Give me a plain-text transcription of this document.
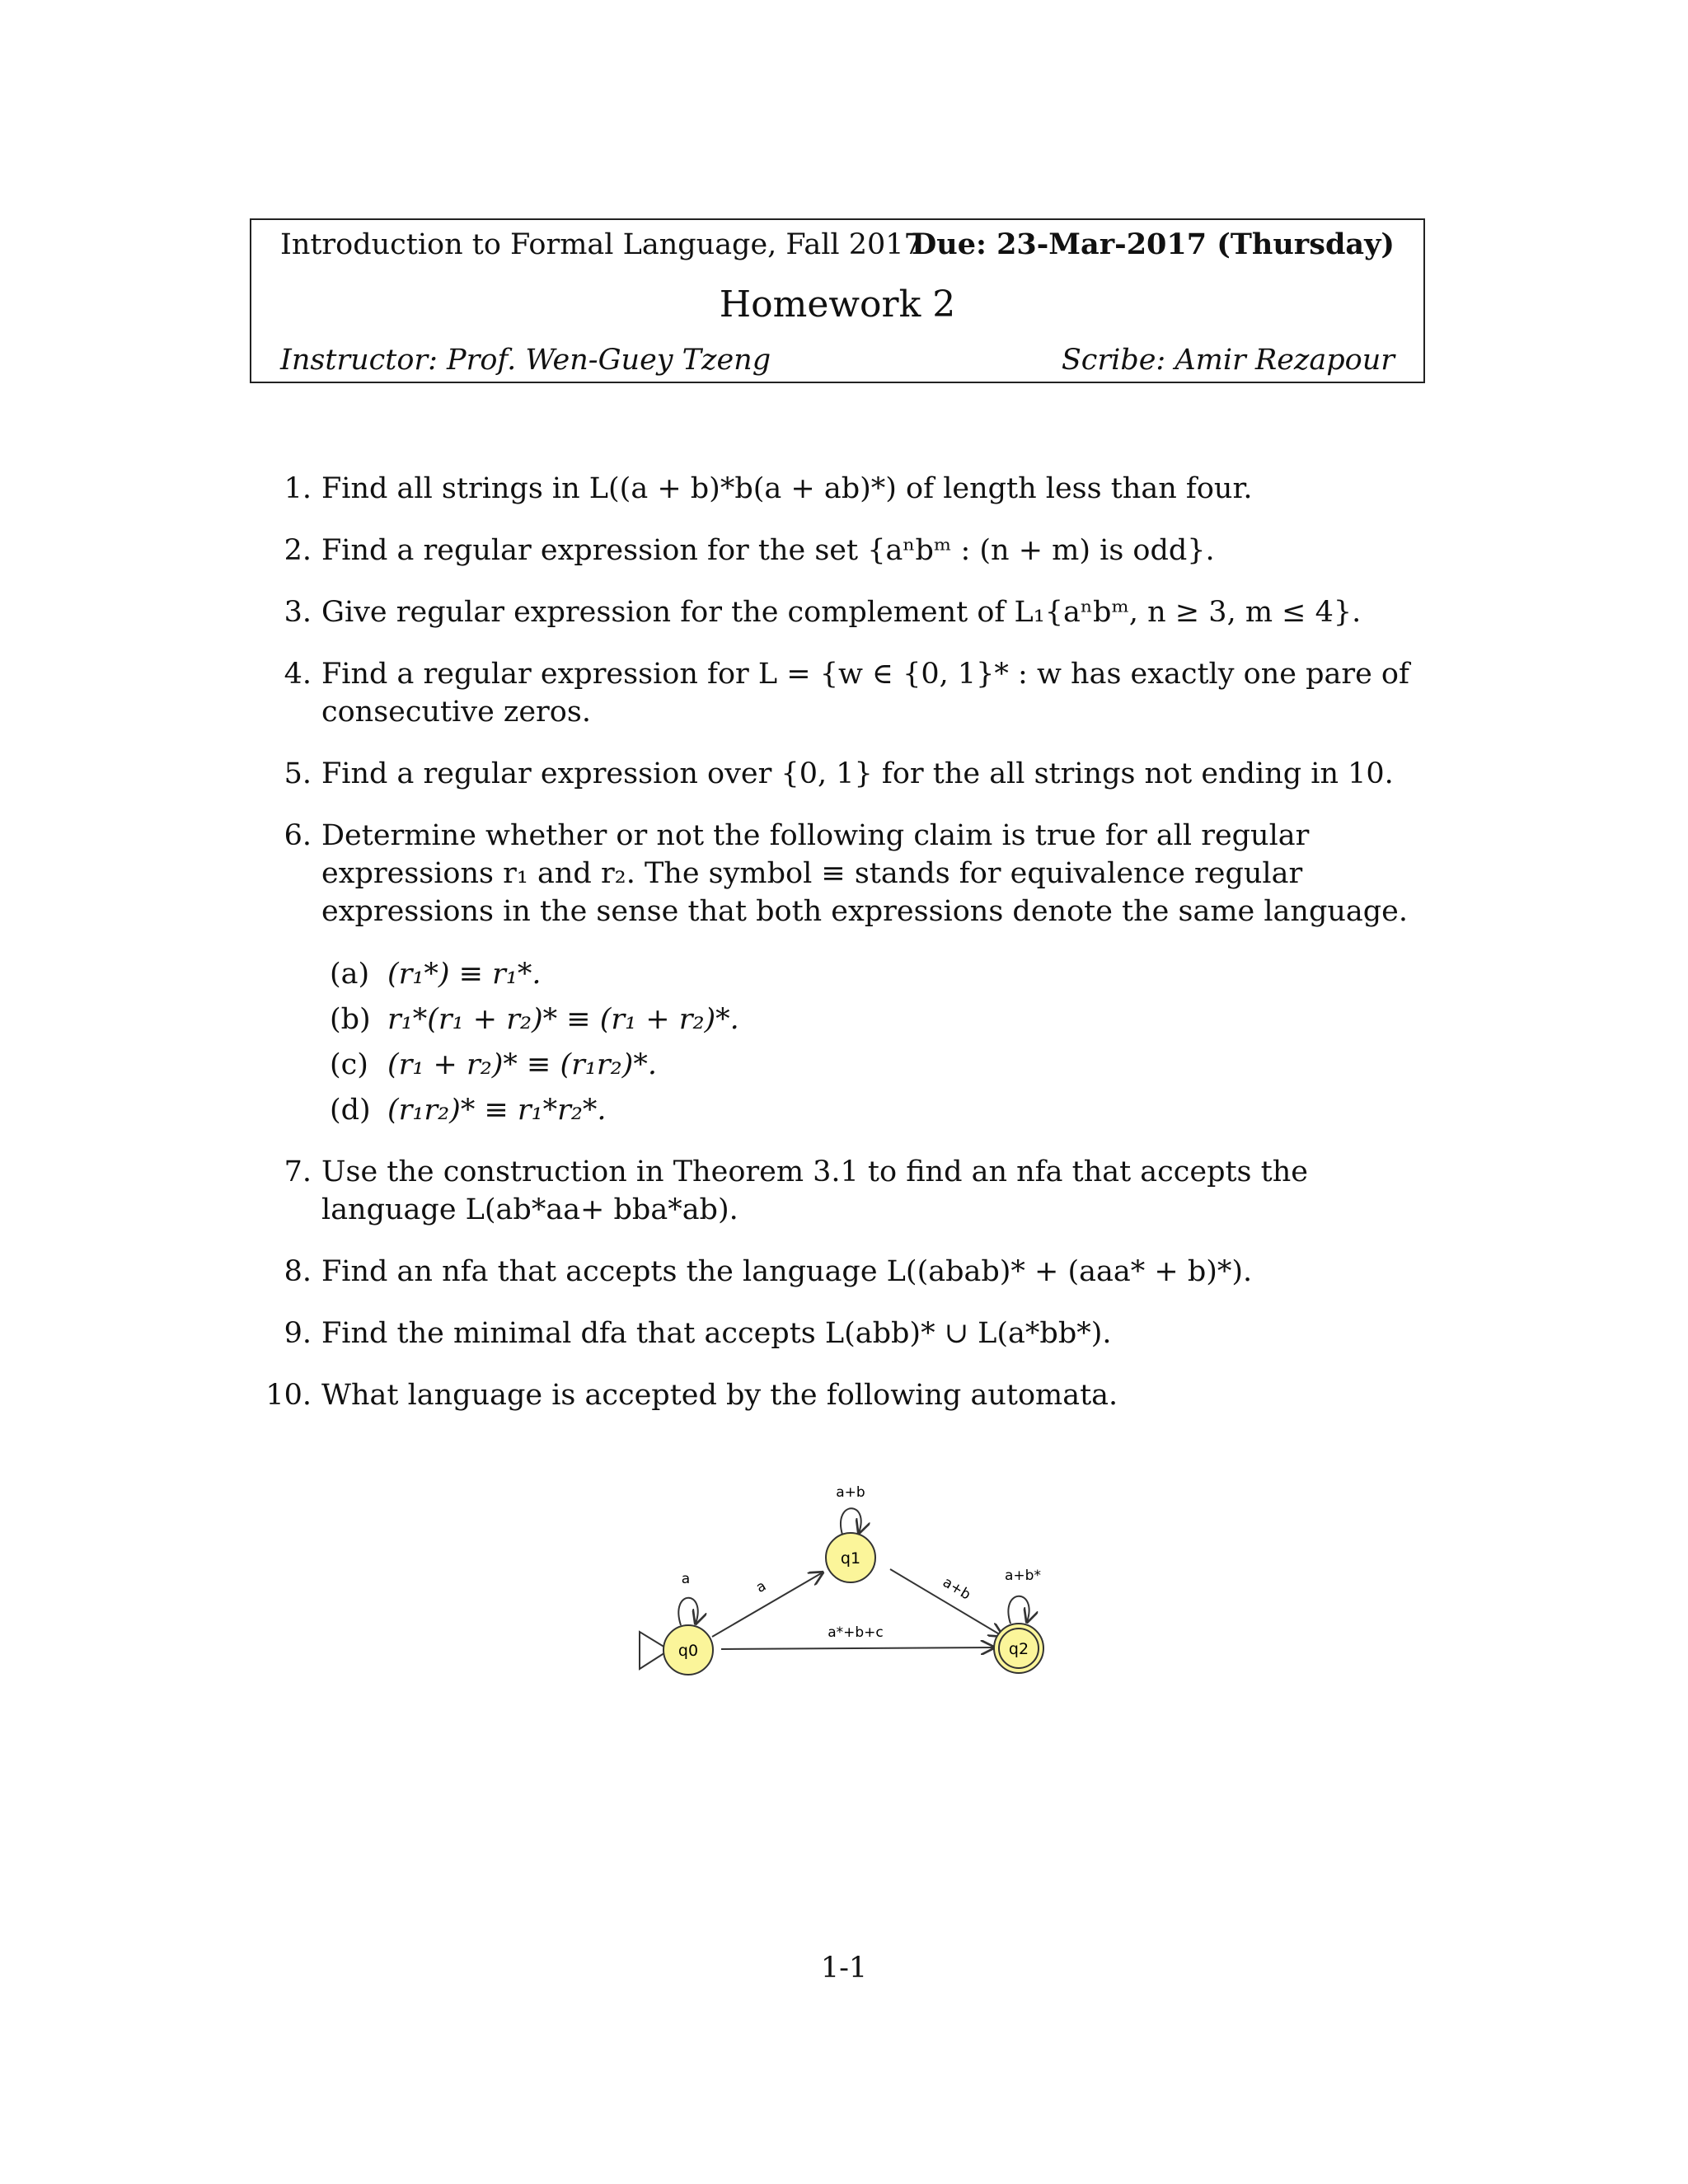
Introduction to Formal Language, Fall 2017
Due: 23-Mar-2017 (Thursday)
Homework 2
Instructor: Prof. Wen-Guey Tzeng	Scribe: Amir Rezapour
1. Find all strings in L((a + b)*b(a + ab)*) of length less than four.
2. Find a regular expression for the set {aⁿbᵐ : (n + m) is odd}.
3. Give regular expression for the complement of L₁{aⁿbᵐ, n ≥ 3, m ≤ 4}.
4. Find a regular expression for L = {w ∈ {0, 1}* : w has exactly one pare of consecutive zeros.
5. Find a regular expression over {0, 1} for the all strings not ending in 10.
6. Determine whether or not the following claim is true for all regular expressions r₁ and r₂. The symbol ≡ stands for equivalence regular expressions in the sense that both expressions denote the same language.
(a) (r₁*) ≡ r₁*.
(b) r₁*(r₁ + r₂)* ≡ (r₁ + r₂)*.
(c) (r₁ + r₂)* ≡ (r₁r₂)*.
(d) (r₁r₂)* ≡ r₁*r₂*.
7. Use the construction in Theorem 3.1 to find an nfa that accepts the language L(ab*aa+ bba*ab).
8. Find an nfa that accepts the language L((abab)* + (aaa* + b)*).
9. Find the minimal dfa that accepts L(abb)* ∪ L(a*bb*).
10. What language is accepted by the following automata.
q0
q1
q2
a
a+b
a+b*
a	a+b
a*+b+c
1-1
